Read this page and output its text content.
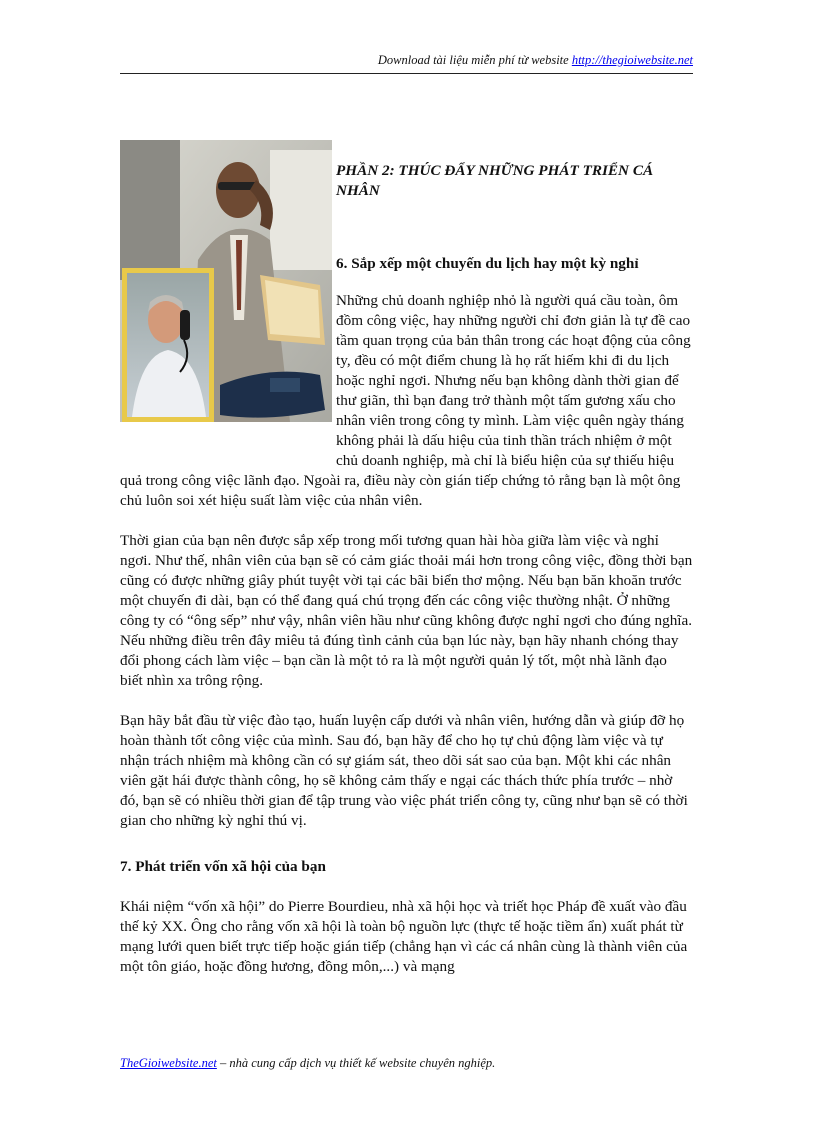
Download tài liệu miễn phí từ website http://thegioiwebsite.net
PHẦN 2: THÚC ĐẨY NHỮNG PHÁT TRIỂN CÁ
NHÂN
6. Sắp xếp một chuyến du lịch hay một kỳ nghỉ

Những chủ doanh nghiệp nhỏ là người quá cầu toàn, ôm đồm công việc, hay những người chỉ đơn giản là tự đề cao tầm quan trọng của bản thân trong các hoạt động của công ty, đều có một điểm chung là họ rất hiếm khi đi du lịch hoặc nghỉ ngơi. Nhưng nếu bạn không dành thời gian để thư giãn, thì bạn đang trở thành một tấm gương xấu cho nhân viên trong công ty mình. Làm việc quên ngày tháng không phải là dấu hiệu của tinh thần trách nhiệm ở một chủ doanh nghiệp, mà chỉ là biểu hiện của sự thiếu hiệu quả trong công việc lãnh đạo. Ngoài ra, điều này còn gián tiếp chứng tỏ rằng bạn là một ông chủ luôn soi xét hiệu suất làm việc của nhân viên.

Thời gian của bạn nên được sắp xếp trong mối tương quan hài hòa giữa làm việc và nghỉ ngơi. Như thế, nhân viên của bạn sẽ có cảm giác thoải mái hơn trong công việc, đồng thời bạn cũng có được những giây phút tuyệt vời tại các bãi biển thơ mộng. Nếu bạn băn khoăn trước một chuyến đi dài, bạn có thể đang quá chú trọng đến các công việc thường nhật. Ở những công ty có “ông sếp” như vậy, nhân viên hầu như cũng không được nghỉ ngơi cho đúng nghĩa. Nếu những điều trên đây miêu tả đúng tình cảnh của bạn lúc này, bạn hãy nhanh chóng thay đổi phong cách làm việc – bạn cần là một tỏ ra là một người quản lý tốt, một nhà lãnh đạo biết nhìn xa trông rộng.

Bạn hãy bắt đầu từ việc đào tạo, huấn luyện cấp dưới và nhân viên, hướng dẫn và giúp đỡ họ hoàn thành tốt công việc của mình. Sau đó, bạn hãy để cho họ tự chủ động làm việc và tự nhận trách nhiệm mà không cần có sự giám sát, theo dõi sát sao của bạn. Một khi các nhân viên gặt hái được thành công, họ sẽ không cảm thấy e ngại các thách thức phía trước – nhờ đó, bạn sẽ có nhiều thời gian để tập trung vào việc phát triển công ty, cũng như bạn sẽ có thời gian cho những kỳ nghỉ thú vị.

7. Phát triển vốn xã hội của bạn

Khái niệm “vốn xã hội” do Pierre Bourdieu, nhà xã hội học và triết học Pháp đề xuất vào đầu thế kỷ XX. Ông cho rằng vốn xã hội là toàn bộ nguồn lực (thực tế hoặc tiềm ẩn) xuất phát từ mạng lưới quen biết trực tiếp hoặc gián tiếp (chẳng hạn vì các cá nhân cùng là thành viên của một tôn giáo, hoặc đồng hương, đồng môn,...) và mạng

TheGioiwebsite.net – nhà cung cấp dịch vụ thiết kế website chuyên nghiệp.
